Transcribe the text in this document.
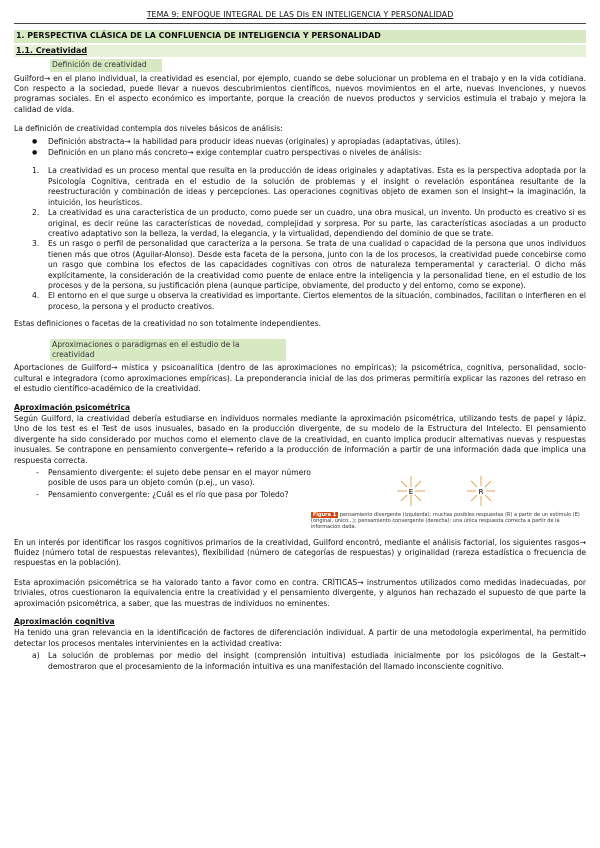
TEMA 9: ENFOQUE INTEGRAL DE LAS DIs EN INTELIGENCIA Y PERSONALIDAD
1. PERSPECTIVA CLÁSICA DE LA CONFLUENCIA DE INTELIGENCIA Y PERSONALIDAD
1.1. Creatividad
Definición de creatividad

Guilford→ en el plano individual, la creatividad es esencial, por ejemplo, cuando se debe solucionar un problema en el trabajo y en la vida cotidiana. Con respecto a la sociedad, puede llevar a nuevos descubrimientos científicos, nuevos movimientos en el arte, nuevas invenciones, y nuevos programas sociales. En el aspecto económico es importante, porque la creación de nuevos productos y servicios estimula el trabajo y mejora la calidad de vida.

La definición de creatividad contempla dos niveles básicos de análisis:

● Definición abstracta→ la habilidad para producir ideas nuevas (originales) y apropiadas (adaptativas, útiles).
● Definición en un plano más concreto→ exige contemplar cuatro perspectivas o niveles de análisis:
1. La creatividad es un proceso mental que resulta en la producción de ideas originales y adaptativas. Esta es la perspectiva adoptada por la Psicología Cognitiva, centrada en el estudio de la solución de problemas y el insight o revelación espontánea resultante de la reestructuración y combinación de ideas y percepciones. Las operaciones cognitivas objeto de examen son el insight→ la imaginación, la intuición, los heurísticos.
2. La creatividad es una característica de un producto, como puede ser un cuadro, una obra musical, un invento. Un producto es creativo si es original, es decir reúne las características de novedad, complejidad y sorpresa. Por su parte, las características asociadas a un producto creativo adaptativo son la belleza, la verdad, la elegancia, y la virtualidad, dependiendo del dominio de que se trate.
3. Es un rasgo o perfil de personalidad que caracteriza a la persona. Se trata de una cualidad o capacidad de la persona que unos individuos tienen más que otros (Aguilar-Alonso). Desde esta faceta de la persona, junto con la de los procesos, la creatividad puede concebirse como un rasgo que combina los efectos de las capacidades cognitivas con otros de naturaleza temperamental y caracterial. O dicho más explícitamente, la consideración de la creatividad como puente de enlace entre la inteligencia y la personalidad tiene, en el estudio de los procesos y de la persona, su justificación plena (aunque participe, obviamente, del producto y del entorno, como se expone).
4. El entorno en el que surge u observa la creatividad es importante. Ciertos elementos de la situación, combinados, facilitan o interfieren en el proceso, la persona y el producto creativos.

Estas definiciones o facetas de la creatividad no son totalmente independientes.

Aproximaciones o paradigmas en el estudio de la creatividad

Aportaciones de Guilford→ mística y psicoanalítica (dentro de las aproximaciones no empíricas); la psicométrica, cognitiva, personalidad, socio-cultural e integradora (como aproximaciones empíricas). La preponderancia inicial de las dos primeras permitiría explicar las razones del retraso en el estudio científico-académico de la creatividad.

Aproximación psicométrica

Según Guilford, la creatividad debería estudiarse en individuos normales mediante la aproximación psicométrica, utilizando tests de papel y lápiz. Uno de los test es el Test de usos inusuales, basado en la producción divergente, de su modelo de la Estructura del Intelecto. El pensamiento divergente ha sido considerado por muchos como el elemento clave de la creatividad, en cuanto implica producir alternativas nuevas y respuestas inusuales. Se contrapone en pensamiento convergente→ referido a la producción de información a partir de una información dada que implica una respuesta correcta.

- Pensamiento divergente: el sujeto debe pensar en el mayor número posible de usos para un objeto común (p.ej., un vaso).
- Pensamiento convergente: ¿Cuál es el río que pasa por Toledo?	E	R
Figura 1 pensamiento divergente (izquierda): muchas posibles respuestas (R) a partir de un estímulo (E) (original, único...); pensamiento convergente (derecha): una única respuesta correcta a partir de la información dada.

En un interés por identificar los rasgos cognitivos primarios de la creatividad, Guilford encontró, mediante el análisis factorial, los siguientes rasgos→ fluidez (número total de respuestas relevantes), flexibilidad (número de categorías de respuestas) y originalidad (rareza estadística o frecuencia de respuestas en la población).

Esta aproximación psicométrica se ha valorado tanto a favor como en contra. CRÍTICAS→ instrumentos utilizados como medidas inadecuadas, por triviales, otros cuestionaron la equivalencia entre la creatividad y el pensamiento divergente, y algunos han rechazado el supuesto de que parte la aproximación psicométrica, a saber, que las muestras de individuos no eminentes.

Aproximación cognitiva

Ha tenido una gran relevancia en la identificación de factores de diferenciación individual. A partir de una metodología experimental, ha permitido detectar los procesos mentales intervinientes en la actividad creativa:

a) La solución de problemas por medio del insight (comprensión intuitiva) estudiada inicialmente por los psicólogos de la Gestalt→ demostraron que el procesamiento de la información intuitiva es una manifestación del llamado inconsciente cognitivo.
